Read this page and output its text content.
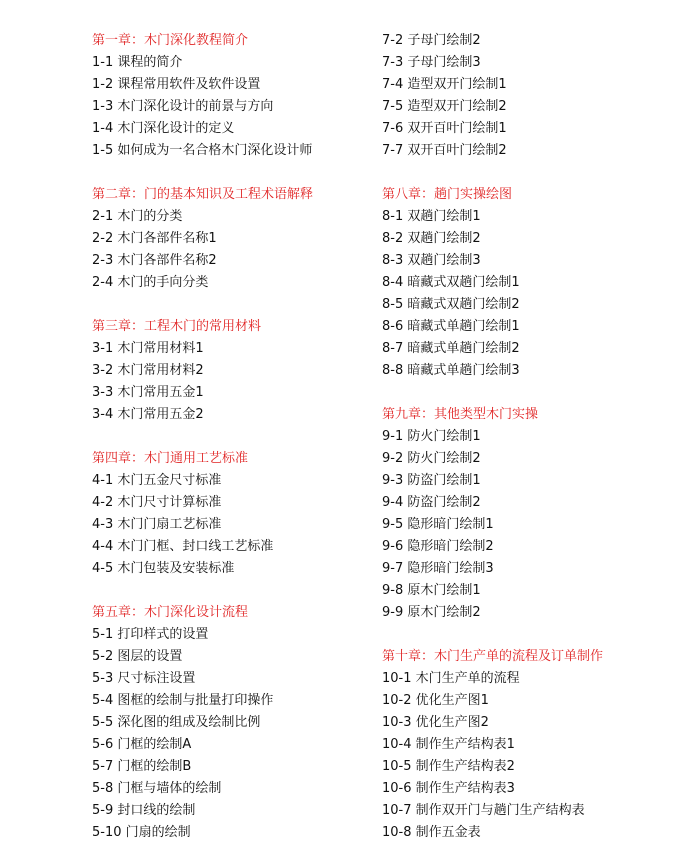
第一章：木门深化教程简介
1-1 课程的简介
1-2 课程常用软件及软件设置
1-3 木门深化设计的前景与方向
1-4 木门深化设计的定义
1-5 如何成为一名合格木门深化设计师
第二章：门的基本知识及工程术语解释
2-1 木门的分类
2-2 木门各部件名称1
2-3 木门各部件名称2
2-4 木门的手向分类
第三章：工程木门的常用材料
3-1 木门常用材料1
3-2 木门常用材料2
3-3 木门常用五金1
3-4 木门常用五金2
第四章：木门通用工艺标准
4-1 木门五金尺寸标准
4-2 木门尺寸计算标准
4-3 木门门扇工艺标准
4-4 木门门框、封口线工艺标准
4-5 木门包装及安装标准
第五章：木门深化设计流程
5-1 打印样式的设置
5-2 图层的设置
5-3 尺寸标注设置
5-4 图框的绘制与批量打印操作
5-5 深化图的组成及绘制比例
5-6 门框的绘制A
5-7 门框的绘制B
5-8 门框与墙体的绘制
5-9 封口线的绘制
5-10 门扇的绘制
7-2 子母门绘制2
7-3 子母门绘制3
7-4 造型双开门绘制1
7-5 造型双开门绘制2
7-6 双开百叶门绘制1
7-7 双开百叶门绘制2
第八章：趟门实操绘图
8-1 双趟门绘制1
8-2 双趟门绘制2
8-3 双趟门绘制3
8-4 暗藏式双趟门绘制1
8-5 暗藏式双趟门绘制2
8-6 暗藏式单趟门绘制1
8-7 暗藏式单趟门绘制2
8-8 暗藏式单趟门绘制3
第九章：其他类型木门实操
9-1 防火门绘制1
9-2 防火门绘制2
9-3 防盗门绘制1
9-4 防盗门绘制2
9-5 隐形暗门绘制1
9-6 隐形暗门绘制2
9-7 隐形暗门绘制3
9-8 原木门绘制1
9-9 原木门绘制2
第十章：木门生产单的流程及订单制作
10-1 木门生产单的流程
10-2 优化生产图1
10-3 优化生产图2
10-4 制作生产结构表1
10-5 制作生产结构表2
10-6 制作生产结构表3
10-7 制作双开门与趟门生产结构表
10-8 制作五金表
